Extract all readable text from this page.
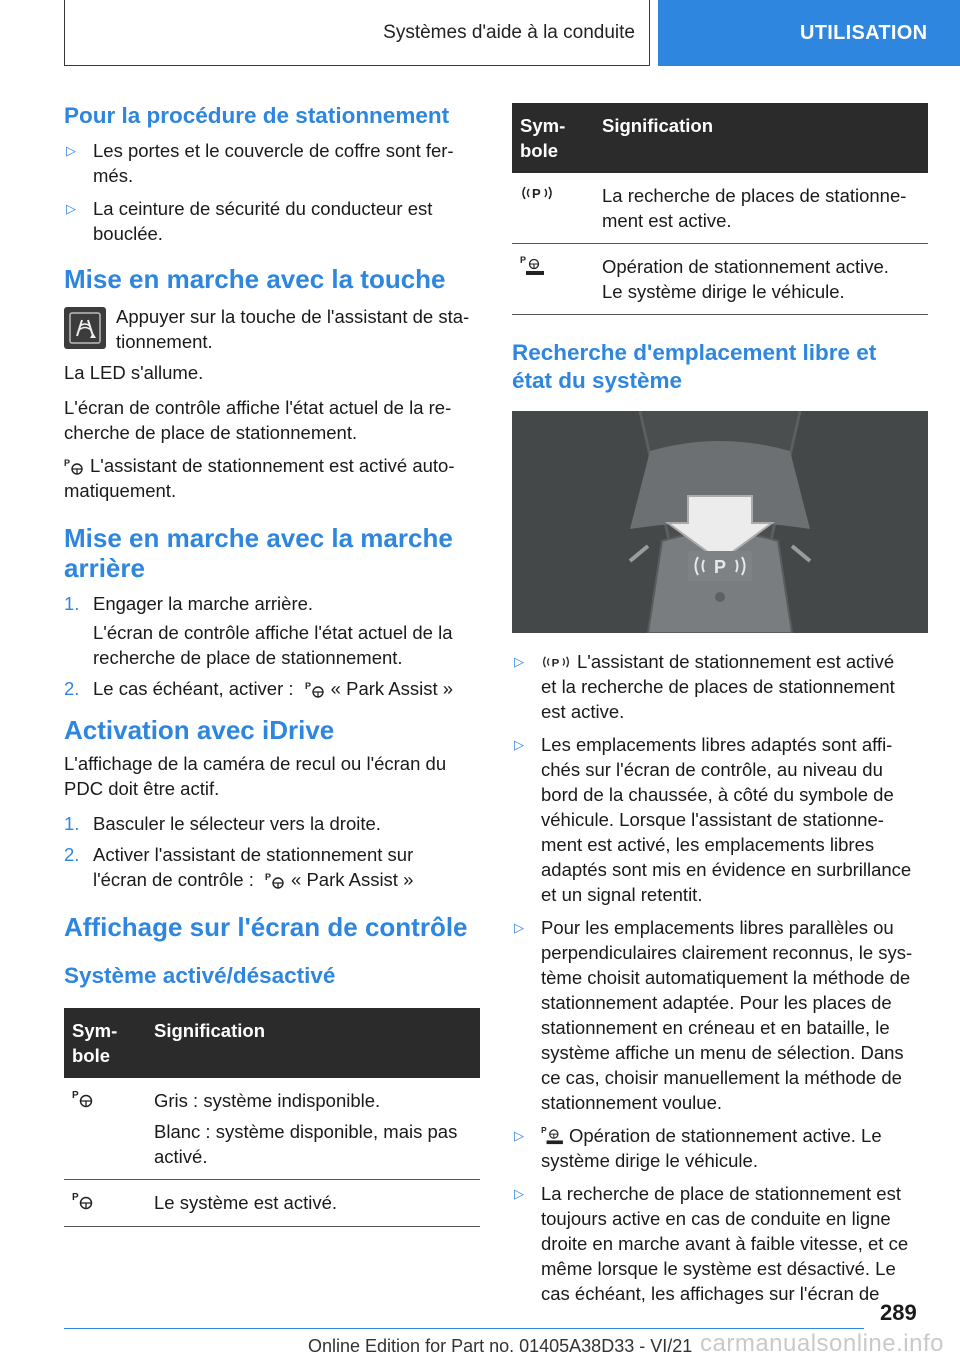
Systèmes d'aide à la conduite	UTILISATION
Pour la procédure de stationnement
▷ Les portes et le couvercle de coffre sont fer-
més.
▷ La ceinture de sécurité du conducteur est
bouclée.
Mise en marche avec la touche

Appuyer sur la touche de l'assistant de sta-
tionnement.

La LED s'allume.

L'écran de contrôle affiche l'état actuel de la re-
cherche de place de stationnement.

P L'assistant de stationnement est activé auto-
matiquement.

Mise en marche avec la marche
arrière
1. Engager la marche arrière.

L'écran de contrôle affiche l'état actuel de la
recherche de place de stationnement.

2. Le cas échéant, activer : P « Park Assist »

Activation avec iDrive

L'affichage de la caméra de recul ou l'écran du
PDC doit être actif.

1. Basculer le sélecteur vers la droite.

2. Activer l'assistant de stationnement sur
l'écran de contrôle : P « Park Assist »

Affichage sur l'écran de contrôle
Système activé/désactivé
Sym-
bole	Signification

P	Gris : système indisponible.

Blanc : système disponible, mais pas
activé.

P	Le système est activé.

Sym-
bole	Signification

P	La recherche de places de stationne-
ment est active.

P	Opération de stationnement active.
Le système dirige le véhicule.

Recherche d'emplacement libre et
état du système
P
▷ P L'assistant de stationnement est activé
et la recherche de places de stationnement
est active.
▷ Les emplacements libres adaptés sont affi-
chés sur l'écran de contrôle, au niveau du
bord de la chaussée, à côté du symbole de
véhicule. Lorsque l'assistant de stationne-
ment est activé, les emplacements libres
adaptés sont mis en évidence en surbrillance
et un signal retentit.
▷ Pour les emplacements libres parallèles ou
perpendiculaires clairement reconnus, le sys-
tème choisit automatiquement la méthode de
stationnement adaptée. Pour les places de
stationnement en créneau et en bataille, le
système affiche un menu de sélection. Dans
ce cas, choisir manuellement la méthode de
stationnement voulue.
▷ P Opération de stationnement active. Le
système dirige le véhicule.
▷ La recherche de place de stationnement est
toujours active en cas de conduite en ligne
droite en marche avant à faible vitesse, et ce
même lorsque le système est désactivé. Le
cas échéant, les affichages sur l'écran de
289
Online Edition for Part no. 01405A38D33 - VI/21 carmanualsonline.info
